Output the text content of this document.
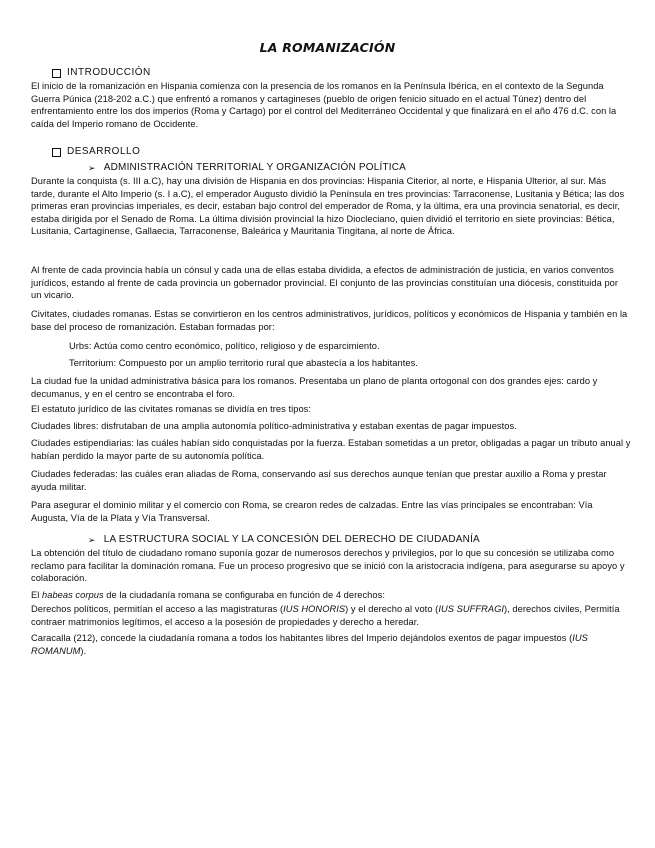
LA ROMANIZACIÓN
INTRODUCCIÓN

El inicio de la romanización en Hispania comienza con la presencia de los romanos en la Península Ibérica, en el contexto de la Segunda Guerra Púnica (218-202 a.C.) que enfrentó a romanos y cartagineses (pueblo de origen fenicio situado en el actual Túnez) dentro del enfrentamiento entre los dos imperios (Roma y Cartago) por el control del Mediterráneo Occidental y que finalizará en el año 476 d.C. con la caída del Imperio romano de Occidente.

DESARROLLO
➢ ADMINISTRACIÓN TERRITORIAL Y ORGANIZACIÓN POLÍTICA

Durante la conquista (s. III a.C), hay una división de Hispania en dos provincias: Hispania Citerior, al norte, e Hispania Ulterior, al sur. Más tarde, durante el Alto Imperio (s. I a.C), el emperador Augusto dividió la Península en tres provincias: Tarraconense, Lusitania y Bética; las dos primeras eran provincias imperiales, es decir, estaban bajo control del emperador de Roma, y la última, era una provincia senatorial, es decir, estaba dirigida por el Senado de Roma. La última división provincial la hizo Diocleciano, quien dividió el territorio en siete provincias: Bética, Lusitania, Cartaginense, Gallaecia, Tarraconense, Baleárica y Mauritania Tingitana, al norte de África.

Al frente de cada provincia había un cónsul y cada una de ellas estaba dividida, a efectos de administración de justicia, en varios conventos jurídicos, estando al frente de cada provincia un gobernador provincial. El conjunto de las provincias constituían una diócesis, constituida por un vicario.

Civitates, ciudades romanas. Estas se convirtieron en los centros administrativos, jurídicos, políticos y económicos de Hispania y también en la base del proceso de romanización. Estaban formadas por:

Urbs: Actúa como centro económico, político, religioso y de esparcimiento.

Territorium: Compuesto por un amplio territorio rural que abastecía a los habitantes.

La ciudad fue la unidad administrativa básica para los romanos. Presentaba un plano de planta ortogonal con dos grandes ejes: cardo y decumanus, y en el centro se encontraba el foro.

El estatuto jurídico de las civitates romanas se dividía en tres tipos:

Ciudades libres: disfrutaban de una amplia autonomía político-administrativa y estaban exentas de pagar impuestos.

Ciudades estipendiarias: las cuáles habían sido conquistadas por la fuerza. Estaban sometidas a un pretor, obligadas a pagar un tributo anual y habían perdido la mayor parte de su autonomía política.

Ciudades federadas: las cuáles eran aliadas de Roma, conservando así sus derechos aunque tenían que prestar auxilio a Roma y prestar ayuda militar.

Para asegurar el dominio militar y el comercio con Roma, se crearon redes de calzadas. Entre las vías principales se encontraban: Vía Augusta, Vía de la Plata y Vía Transversal.

➢ LA ESTRUCTURA SOCIAL Y LA CONCESIÓN DEL DERECHO DE CIUDADANÍA

La obtención del título de ciudadano romano suponía gozar de numerosos derechos y privilegios, por lo que su concesión se utilizaba como reclamo para facilitar la dominación romana. Fue un proceso progresivo que se inició con la aristocracia indígena, para asegurarse su apoyo y colaboración.

El habeas corpus de la ciudadanía romana se configuraba en función de 4 derechos:

Derechos políticos, permitían el acceso a las magistraturas (IUS HONORIS) y el derecho al voto (IUS SUFFRAGI), derechos civiles, Permitía contraer matrimonios legítimos, el acceso a la posesión de propiedades y derecho a heredar.

Caracalla (212), concede la ciudadanía romana a todos los habitantes libres del Imperio dejándolos exentos de pagar impuestos (IUS ROMANUM).
